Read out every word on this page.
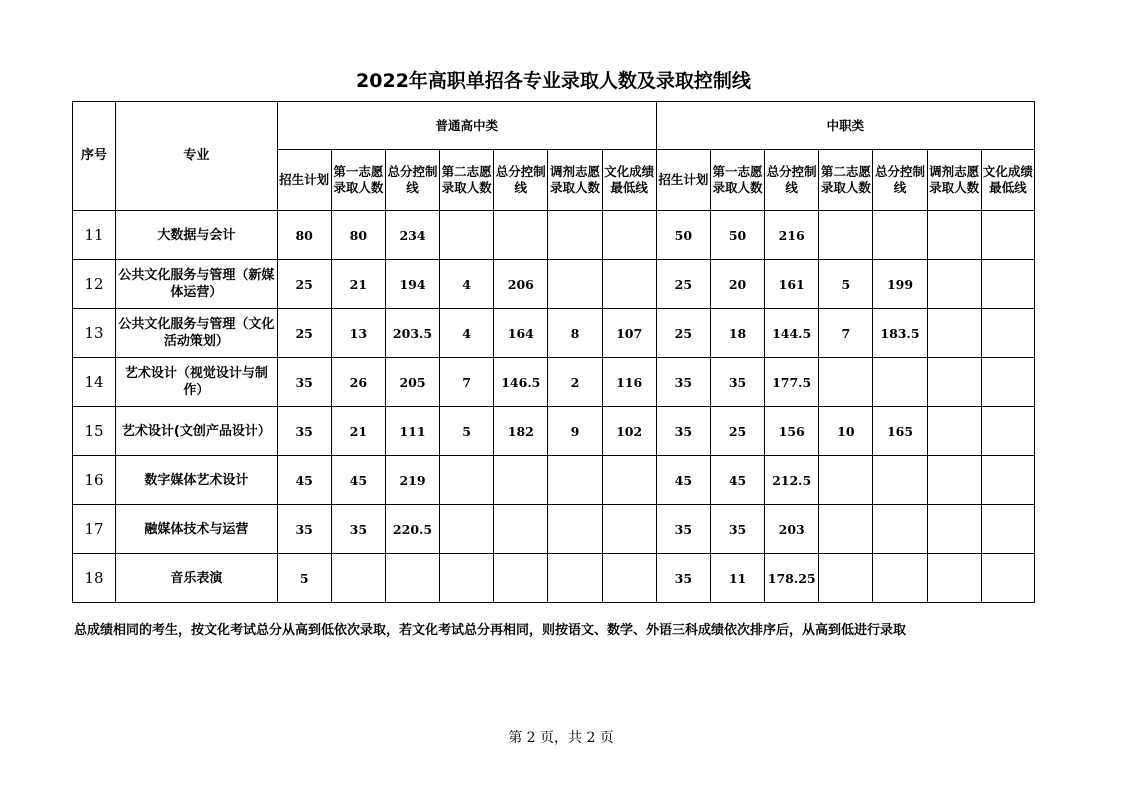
2022年高职单招各专业录取人数及录取控制线
序号	专业	普通高中类							中职类						
		招生计划	第一志愿录取人数	总分控制线	第二志愿录取人数	总分控制线	调剂志愿录取人数	文化成绩最低线	招生计划	第一志愿录取人数	总分控制线	第二志愿录取人数	总分控制线	调剂志愿录取人数	文化成绩最低线
11	大数据与会计	80	80	234					50	50	216				
12	公共文化服务与管理（新媒体运营）	25	21	194	4	206			25	20	161	5	199		
13	公共文化服务与管理（文化活动策划）	25	13	203.5	4	164	8	107	25	18	144.5	7	183.5		
14	艺术设计（视觉设计与制作）	35	26	205	7	146.5	2	116	35	35	177.5				
15	艺术设计(文创产品设计）	35	21	111	5	182	9	102	35	25	156	10	165		
16	数字媒体艺术设计	45	45	219					45	45	212.5				
17	融媒体技术与运营	35	35	220.5					35	35	203				
18	音乐表演	5							35	11	178.25				
总成绩相同的考生，按文化考试总分从高到低依次录取，若文化考试总分再相同，则按语文、数学、外语三科成绩依次排序后，从高到低进行录取
第 2 页，共 2 页
